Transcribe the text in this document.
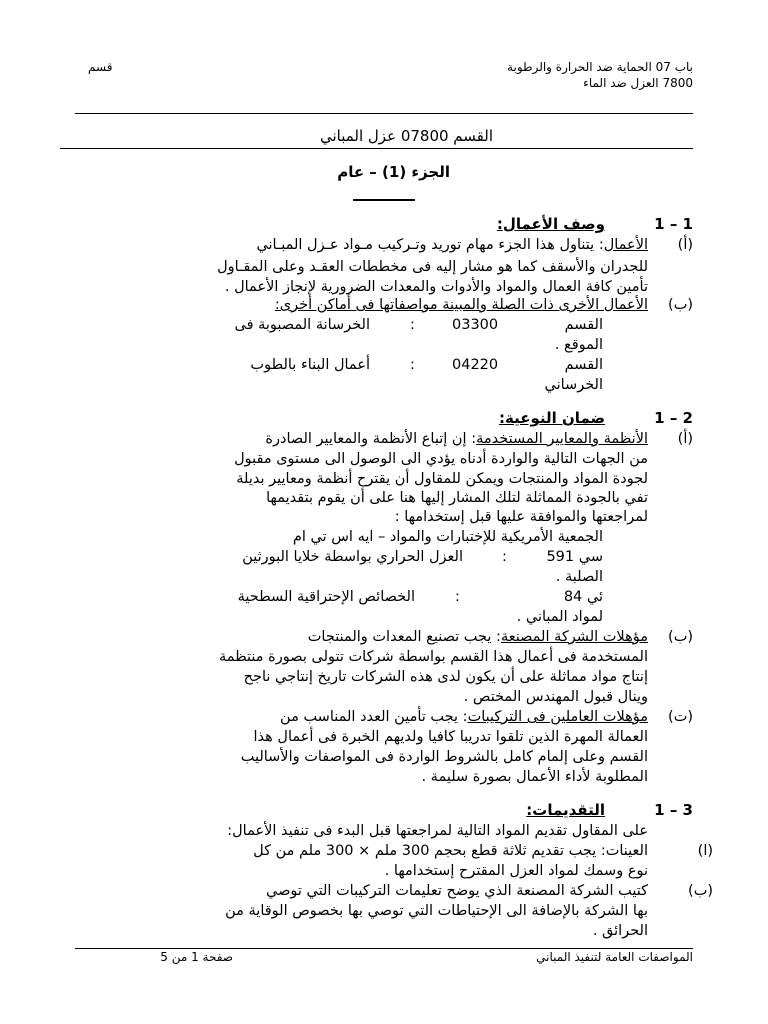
قسم	باب 07 الحماية ضد الحرارة والرطوبة
7800 العزل ضد الماء
القسم 07800 عزل المباني
الجزء (1) – عام
1 – 1
وصف الأعمال:
(أ)
الأعمال: يتناول هذا الجزء مهام توريد وتـركيب مـواد عـزل المبـاني
للجدران والأسقف كما هو مشار إليه فى مخططات العقـد وعلى المقـاول
تأمين كافة العمال والمواد والأدوات والمعدات الضرورية لإنجاز الأعمال .
(ب)
الأعمال الأخرى ذات الصلة والمبينة مواصفاتها فى أماكن أخرى:
القسم
03300
:
الخرسانة المصبوبة فى
الموقع .
القسم
04220
:
أعمال البناء بالطوب
الخرساني
1 – 2
ضمان النوعية:
(أ)
الأنظمة والمعايير المستخدمة: إن إتباع الأنظمة والمعايير الصادرة
من الجهات التالية والواردة أدناه يؤدي الى الوصول الى مستوى مقبول
لجودة المواد والمنتجات ويمكن للمقاول أن يقترح أنظمة ومعايير بديلة
تفي بالجودة المماثلة لتلك المشار إليها هنا على أن يقوم بتقديمها
لمراجعتها والموافقة عليها قبل إستخدامها :
الجمعية الأمريكية للإختبارات والمواد – ايه اس تي ام
سي 591
:
العزل الحراري بواسطة خلايا البورثين
الصلبة .
ئي 84
:
الخصائص الإحتراقية السطحية
لمواد المباني .
(ب)
مؤهلات الشركة المصنعة: يجب تصنيع المعدات والمنتجات
المستخدمة فى أعمال هذا القسم بواسطة شركات تتولى بصورة منتظمة
إنتاج مواد مماثلة على أن يكون لدى هذه الشركات تاريخ إنتاجي ناجح
وينال قبول المهندس المختص .
(ت)
مؤهلات العاملين فى التركيبات: يجب تأمين العدد المناسب من
العمالة المهرة الذين تلقوا تدريبا كافيا ولديهم الخبرة فى أعمال هذا
القسم وعلى إلمام كامل بالشروط الواردة فى المواصفات والأساليب
المطلوبة لأداء الأعمال بصورة سليمة .
1 – 3
التقديمات:
على المقاول تقديم المواد التالية لمراجعتها قبل البدء فى تنفيذ الأعمال:
(ا)
العينات: يجب تقديم ثلاثة قطع بحجم 300 ملم × 300 ملم من كل
نوع وسمك لمواد العزل المقترح إستخدامها .
(ب)
كتيب الشركة المصنعة الذي يوضح تعليمات التركيبات التي توصي
بها الشركة بالإضافة الى الإحتياطات التي توصي بها بخصوص الوقاية من
الحرائق .
المواصفات العامة لتنفيذ المباني
صفحة 1 من 5
